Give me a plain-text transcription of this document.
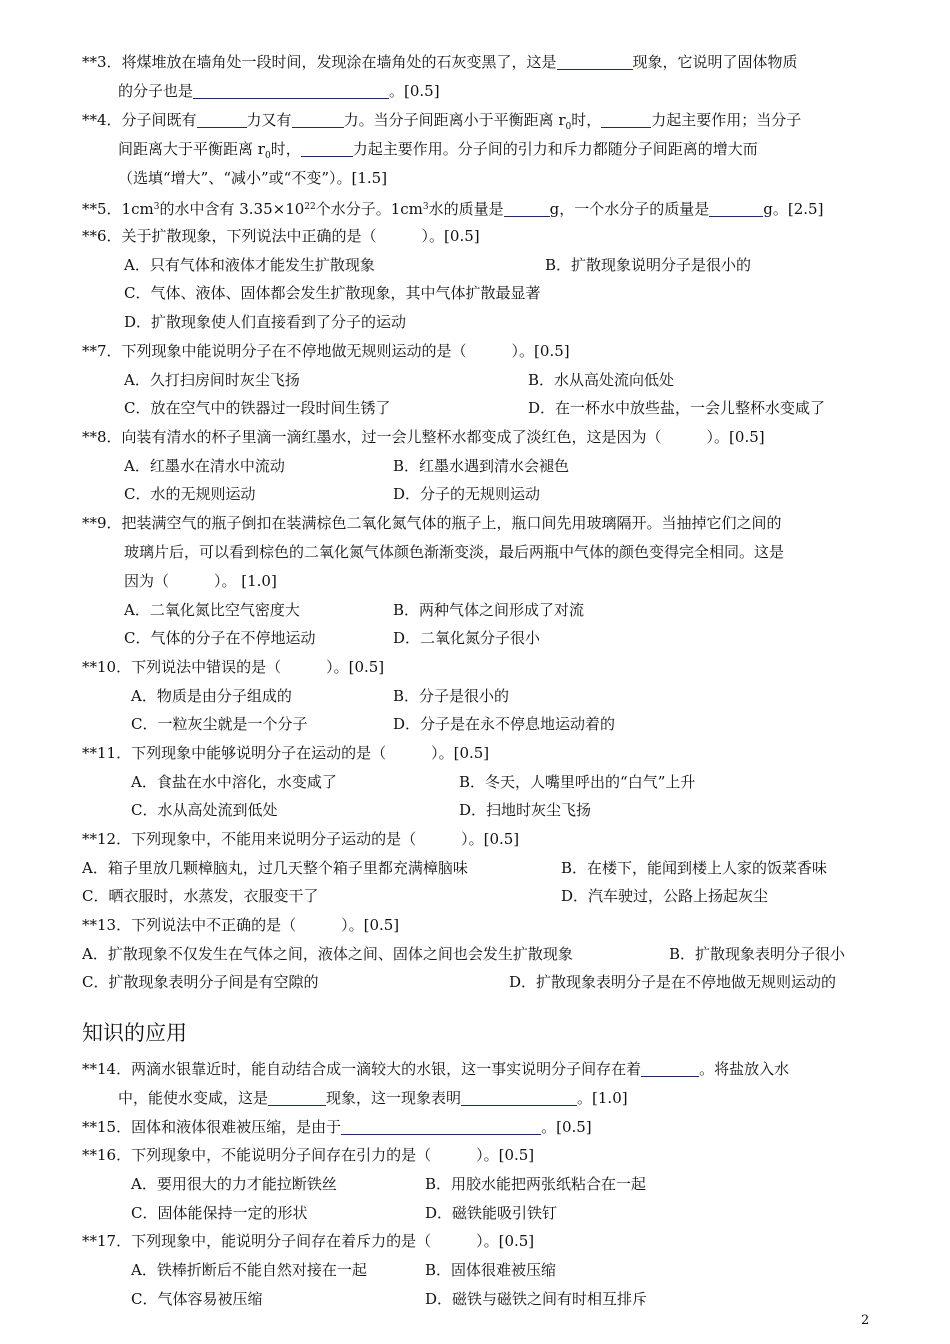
**3．将煤堆放在墙角处一段时间，发现涂在墙角处的石灰变黑了，这是	现象，它说明了固体物质
的分子也是	。[0.5]
**4．分子间既有	力又有	力。当分子间距离小于平衡距离 $r_0$时，	力起主要作用；当分子
间距离大于平衡距离 $r_0$时，	力起主要作用。分子间的引力和斥力都随分子间距离的增大而
（选填“增大”、“减小”或“不变”）。[1.5]
**5．$1cm^3$的水中含有 $3.35\times 10^{22}$个水分子。$1cm^3$水的质量是	g，一个水分子的质量是	g。[2.5]
**6．关于扩散现象，下列说法中正确的是（　　　）。[0.5]
A．只有气体和液体才能发生扩散现象	B．扩散现象说明分子是很小的
C．气体、液体、固体都会发生扩散现象，其中气体扩散最显著
D．扩散现象使人们直接看到了分子的运动
**7．下列现象中能说明分子在不停地做无规则运动的是（　　　）。[0.5]
A．久打扫房间时灰尘飞扬	B．水从高处流向低处
C．放在空气中的铁器过一段时间生锈了	D．在一杯水中放些盐，一会儿整杯水变咸了
**8．向装有清水的杯子里滴一滴红墨水，过一会儿整杯水都变成了淡红色，这是因为（　　　）。[0.5]
A．红墨水在清水中流动	B．红墨水遇到清水会褪色
C．水的无规则运动	D．分子的无规则运动
**9．把装满空气的瓶子倒扣在装满棕色二氧化氮气体的瓶子上，瓶口间先用玻璃隔开。当抽掉它们之间的
玻璃片后，可以看到棕色的二氧化氮气体颜色渐渐变淡，最后两瓶中气体的颜色变得完全相同。这是
因为（　　　）。 [1.0]
A．二氧化氮比空气密度大	B．两种气体之间形成了对流
C．气体的分子在不停地运动	D．二氧化氮分子很小
**10．下列说法中错误的是（　　　）。[0.5]
A．物质是由分子组成的	B．分子是很小的
C．一粒灰尘就是一个分子	D．分子是在永不停息地运动着的
**11．下列现象中能够说明分子在运动的是（　　　）。[0.5]
A．食盐在水中溶化，水变咸了	B．冬天，人嘴里呼出的“白气”上升
C．水从高处流到低处	D．扫地时灰尘飞扬
**12．下列现象中，不能用来说明分子运动的是（　　　）。[0.5]
A．箱子里放几颗樟脑丸，过几天整个箱子里都充满樟脑味	B．在楼下，能闻到楼上人家的饭菜香味
C．晒衣服时，水蒸发，衣服变干了	D．汽车驶过，公路上扬起灰尘
**13．下列说法中不正确的是（　　　）。[0.5]
A．扩散现象不仅发生在气体之间，液体之间、固体之间也会发生扩散现象	B．扩散现象表明分子很小
C．扩散现象表明分子间是有空隙的	D．扩散现象表明分子是在不停地做无规则运动的
知识的应用
**14．两滴水银靠近时，能自动结合成一滴较大的水银，这一事实说明分子间存在着	。将盐放入水
中，能使水变咸，这是	现象，这一现象表明	。[1.0]
**15．固体和液体很难被压缩，是由于	。[0.5]
**16．下列现象中，不能说明分子间存在引力的是（　　　）。[0.5]
A．要用很大的力才能拉断铁丝	B．用胶水能把两张纸粘合在一起
C．固体能保持一定的形状	D．磁铁能吸引铁钉
**17．下列现象中，能说明分子间存在着斥力的是（　　　）。[0.5]
A．铁棒折断后不能自然对接在一起	B．固体很难被压缩
C．气体容易被压缩	D．磁铁与磁铁之间有时相互排斥
2
